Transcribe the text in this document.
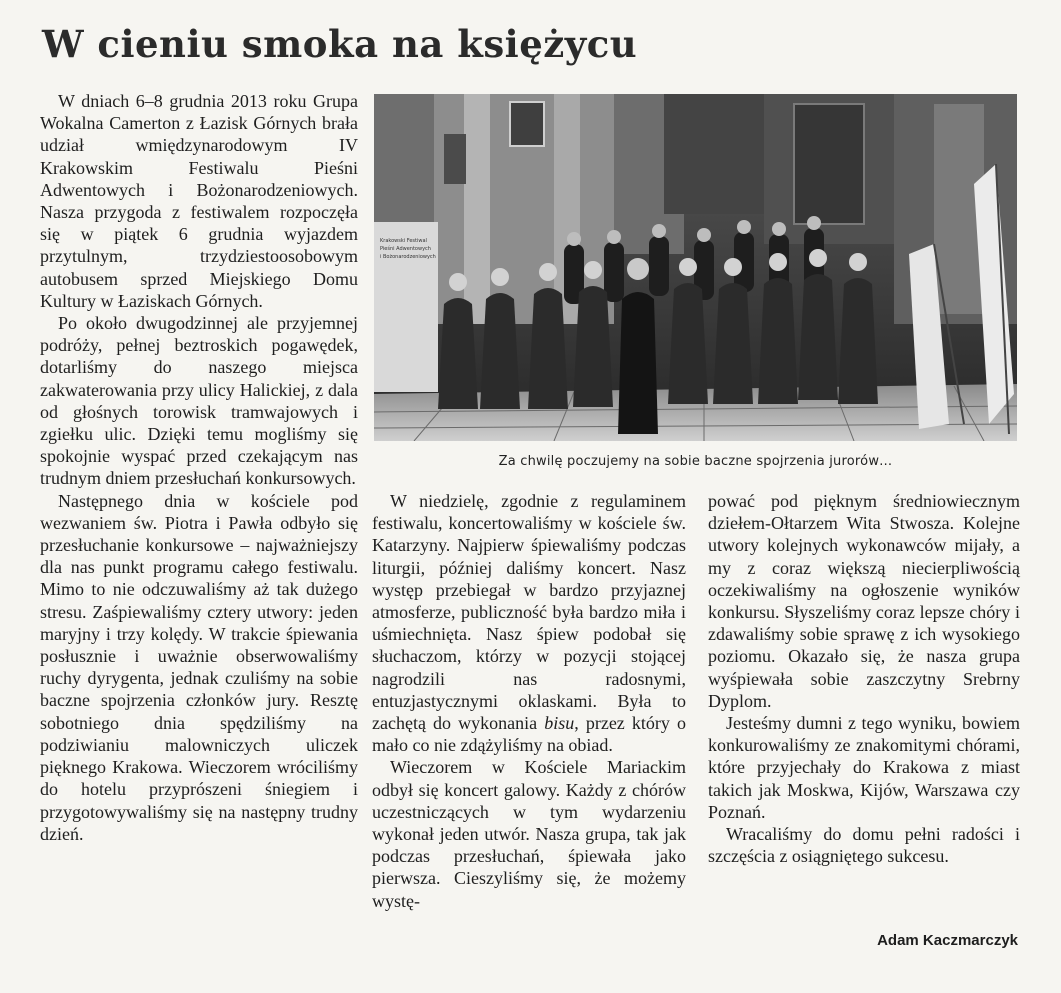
W cieniu smoka na księżycu

W dniach 6–8 grudnia 2013 roku Grupa Wokalna Camerton z Łazisk Górnych brała udział wmiędzynarodowym IV Krakowskim Festiwalu Pieśni Adwentowych i Bożonarodzeniowych. Nasza przygoda z festiwalem rozpoczęła się w piątek 6 grudnia wyjazdem przytulnym, trzydziestoosobowym autobusem sprzed Miejskiego Domu Kultury w Łaziskach Górnych.

Po około dwugodzinnej ale przyjemnej podróży, pełnej beztroskich pogawędek, dotarliśmy do naszego miejsca zakwaterowania przy ulicy Halickiej, z dala od głośnych torowisk tramwajowych i zgiełku ulic. Dzięki temu mogliśmy się spokojnie wyspać przed czekającym nas trudnym dniem przesłuchań konkursowych.

Następnego dnia w kościele pod wezwaniem św. Piotra i Pawła odbyło się przesłuchanie konkursowe – najważniejszy dla nas punkt programu całego festiwalu. Mimo to nie odczuwaliśmy aż tak dużego stresu. Zaśpiewaliśmy cztery utwory: jeden maryjny i trzy kolędy. W trakcie śpiewania posłusznie i uważnie obserwowaliśmy ruchy dyrygenta, jednak czuliśmy na sobie baczne spojrzenia członków jury. Resztę sobotniego dnia spędziliśmy na podziwianiu malowniczych uliczek pięknego Krakowa. Wieczorem wróciliśmy do hotelu przyprószeni śniegiem i przygotowywaliśmy się na następny trudny dzień.

Krakowski Festiwal
Pieśni Adwentowych
i Bożonarodzeniowych
Za chwilę poczujemy na sobie baczne spojrzenia jurorów…

W niedzielę, zgodnie z regulaminem festiwalu, koncertowaliśmy w kościele św. Katarzyny. Najpierw śpiewaliśmy podczas liturgii, później daliśmy koncert. Nasz występ przebiegał w bardzo przyjaznej atmosferze, publiczność była bardzo miła i uśmiechnięta. Nasz śpiew podobał się słuchaczom, którzy w pozycji stojącej nagrodzili nas radosnymi, entuzjastycznymi oklaskami. Była to zachętą do wykonania bisu, przez który o mało co nie zdążyliśmy na obiad.

Wieczorem w Kościele Mariackim odbył się koncert galowy. Każdy z chórów uczestniczących w tym wydarzeniu wykonał jeden utwór. Nasza grupa, tak jak podczas przesłuchań, śpiewała jako pierwsza. Cieszyliśmy się, że możemy wystę-

pować pod pięknym średniowiecznym dziełem-Ołtarzem Wita Stwosza. Kolejne utwory kolejnych wykonawców mijały, a my z coraz większą niecierpliwością oczekiwaliśmy na ogłoszenie wyników konkursu. Słyszeliśmy coraz lepsze chóry i zdawaliśmy sobie sprawę z ich wysokiego poziomu. Okazało się, że nasza grupa wyśpiewała sobie zaszczytny Srebrny Dyplom.

Jesteśmy dumni z tego wyniku, bowiem konkurowaliśmy ze znakomitymi chórami, które przyjechały do Krakowa z miast takich jak Moskwa, Kijów, Warszawa czy Poznań.

Wracaliśmy do domu pełni radości i szczęścia z osiągniętego sukcesu.

Adam Kaczmarczyk
